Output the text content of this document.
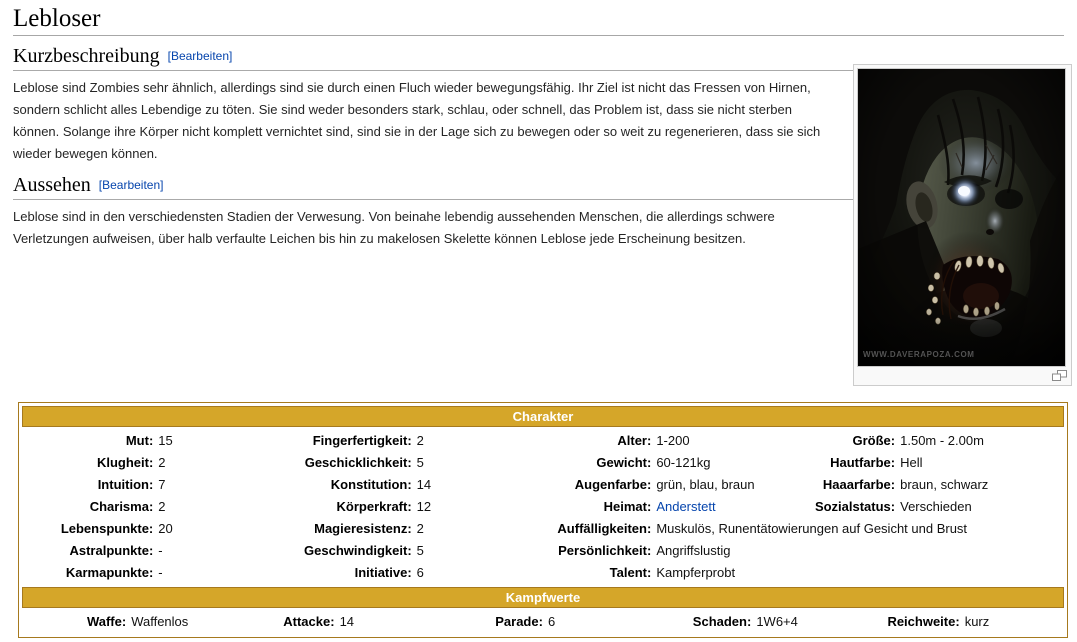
Lebloser
WWW.DAVERAPOZA.COM
Kurzbeschreibung [Bearbeiten]

Leblose sind Zombies sehr ähnlich, allerdings sind sie durch einen Fluch wieder bewegungsfähig. Ihr Ziel ist nicht das Fressen von Hirnen, sondern schlicht alles Lebendige zu töten. Sie sind weder besonders stark, schlau, oder schnell, das Problem ist, dass sie nicht sterben können. Solange ihre Körper nicht komplett vernichtet sind, sind sie in der Lage sich zu bewegen oder so weit zu regenerieren, dass sie sich wieder bewegen können.

Aussehen [Bearbeiten]

Leblose sind in den verschiedensten Stadien der Verwesung. Von beinahe lebendig aussehenden Menschen, die allerdings schwere Verletzungen aufweisen, über halb verfaulte Leichen bis hin zu makelosen Skelette können Leblose jede Erscheinung besitzen.

Charakter
Mut: 15	Fingerfertigkeit: 2	Alter: 1-200	Größe: 1.50m - 2.00m
Klugheit: 2	Geschicklichkeit: 5	Gewicht: 60-121kg	Hautfarbe: Hell
Intuition: 7	Konstitution: 14	Augenfarbe: grün, blau, braun	Haaarfarbe: braun, schwarz
Charisma: 2	Körperkraft: 12	Heimat: Anderstett	Sozialstatus: Verschieden
Lebenspunkte: 20	Magieresistenz: 2	Auffälligkeiten: Muskulös, Runentätowierungen auf Gesicht und Brust
Astralpunkte: -	Geschwindigkeit: 5	Persönlichkeit: Angriffslustig
Karmapunkte: -	Initiative: 6	Talent: Kampferprobt
Kampfwerte
Waffe: Waffenlos	Attacke: 14	Parade: 6	Schaden: 1W6+4	Reichweite: kurz
